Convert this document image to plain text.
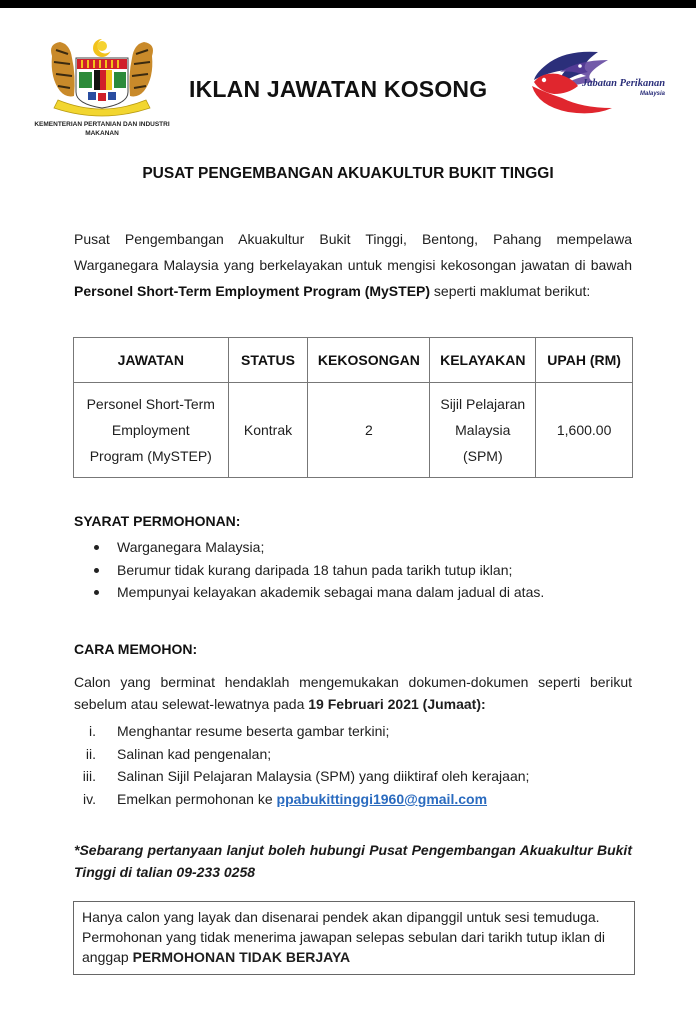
KEMENTERIAN PERTANIAN DAN INDUSTRI MAKANAN
IKLAN JAWATAN KOSONG	Jabatan Perikanan
Malaysia
PUSAT PENGEMBANGAN AKUAKULTUR BUKIT TINGGI
Pusat Pengembangan Akuakultur Bukit Tinggi, Bentong, Pahang mempelawa Warganegara Malaysia yang berkelayakan untuk mengisi kekosongan jawatan di bawah Personel Short-Term Employment Program (MySTEP) seperti maklumat berikut:
JAWATAN	STATUS	KEKOSONGAN	KELAYAKAN	UPAH (RM)
Personel Short-Term Employment Program (MySTEP)	Kontrak	2	Sijil Pelajaran Malaysia (SPM)	1,600.00
SYARAT PERMOHONAN:
Warganegara Malaysia;
Berumur tidak kurang daripada 18 tahun pada tarikh tutup iklan;
Mempunyai kelayakan akademik sebagai mana dalam jadual di atas.
CARA MEMOHON:
Calon yang berminat hendaklah mengemukakan dokumen-dokumen seperti berikut sebelum atau selewat-lewatnya pada 19 Februari 2021 (Jumaat):
i. Menghantar resume beserta gambar terkini;
ii. Salinan kad pengenalan;
iii. Salinan Sijil Pelajaran Malaysia (SPM) yang diiktiraf oleh kerajaan;
iv. Emelkan permohonan ke ppabukittinggi1960@gmail.com
*Sebarang pertanyaan lanjut boleh hubungi Pusat Pengembangan Akuakultur Bukit Tinggi di talian 09-233 0258
Hanya calon yang layak dan disenarai pendek akan dipanggil untuk sesi temuduga. Permohonan yang tidak menerima jawapan selepas sebulan dari tarikh tutup iklan di anggap PERMOHONAN TIDAK BERJAYA
